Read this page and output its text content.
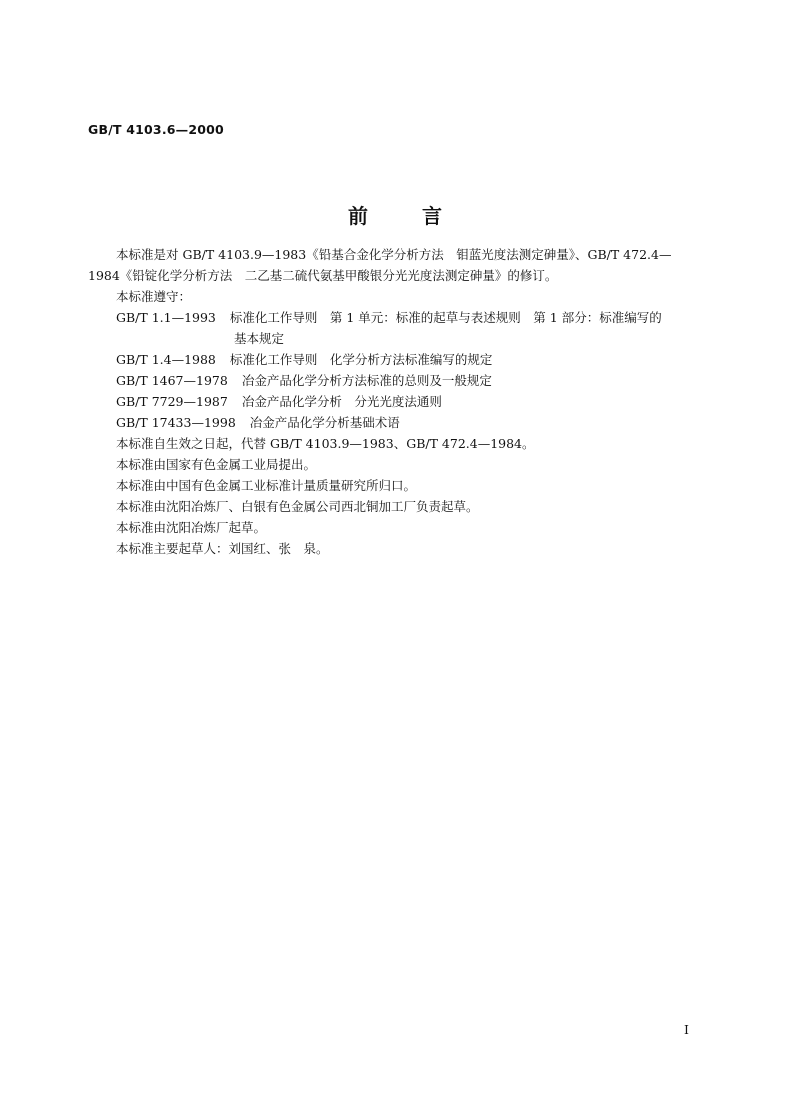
GB/T 4103.6—2000
前	言
本标准是对 GB/T 4103.9—1983《铅基合金化学分析方法　钼蓝光度法测定砷量》、GB/T 472.4—
1984《铅锭化学分析方法　二乙基二硫代氨基甲酸银分光光度法测定砷量》的修订。
本标准遵守：
GB/T 1.1—1993 标准化工作导则　第 1 单元：标准的起草与表述规则　第 1 部分：标准编写的
基本规定
GB/T 1.4—1988 标准化工作导则　化学分析方法标准编写的规定
GB/T 1467—1978 冶金产品化学分析方法标准的总则及一般规定
GB/T 7729—1987 冶金产品化学分析　分光光度法通则
GB/T 17433—1998 冶金产品化学分析基础术语
本标准自生效之日起，代替 GB/T 4103.9—1983、GB/T 472.4—1984。
本标准由国家有色金属工业局提出。
本标准由中国有色金属工业标准计量质量研究所归口。
本标准由沈阳冶炼厂、白银有色金属公司西北铜加工厂负责起草。
本标准由沈阳冶炼厂起草。
本标准主要起草人：刘国红、张　泉。
I
